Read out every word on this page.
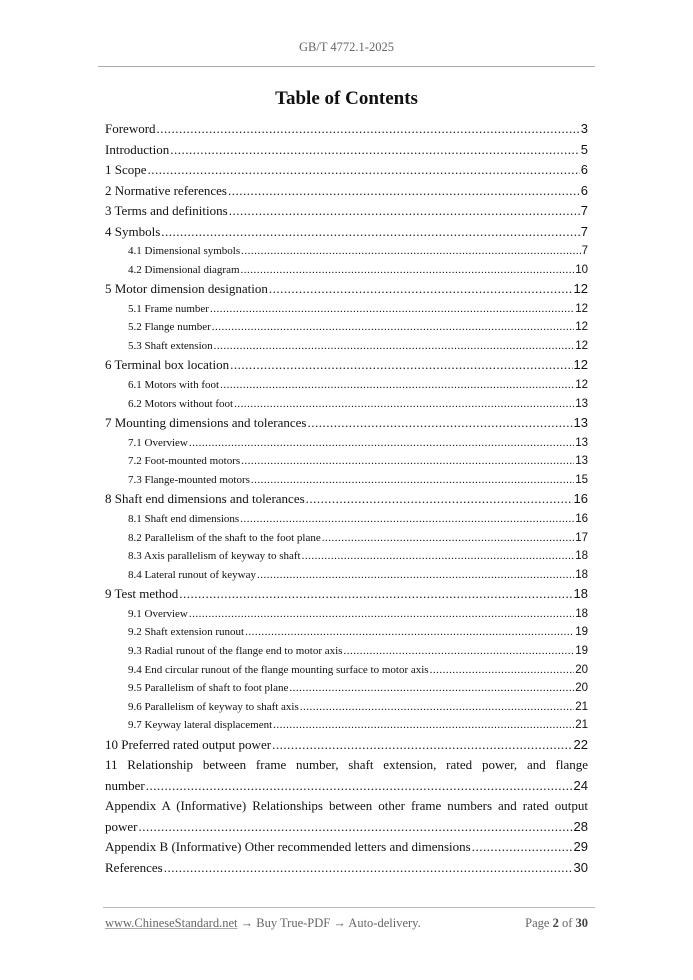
GB/T 4772.1-2025
Table of Contents
Foreword .....	3
Introduction .....	5
1 Scope .....	6
2 Normative references .....	6
3 Terms and definitions .....	7
4 Symbols .....	7
4.1 Dimensional symbols .....	7
4.2 Dimensional diagram .....	10
5 Motor dimension designation .....	12
5.1 Frame number .....	12
5.2 Flange number .....	12
5.3 Shaft extension .....	12
6 Terminal box location .....	12
6.1 Motors with foot .....	12
6.2 Motors without foot .....	13
7 Mounting dimensions and tolerances .....	13
7.1 Overview .....	13
7.2 Foot-mounted motors .....	13
7.3 Flange-mounted motors .....	15
8 Shaft end dimensions and tolerances .....	16
8.1 Shaft end dimensions .....	16
8.2 Parallelism of the shaft to the foot plane .....	17
8.3 Axis parallelism of keyway to shaft .....	18
8.4 Lateral runout of keyway .....	18
9 Test method .....	18
9.1 Overview .....	18
9.2 Shaft extension runout .....	19
9.3 Radial runout of the flange end to motor axis .....	19
9.4 End circular runout of the flange mounting surface to motor axis .....	20
9.5 Parallelism of shaft to foot plane .....	20
9.6 Parallelism of keyway to shaft axis .....	21
9.7 Keyway lateral displacement .....	21
10 Preferred rated output power .....	22
11 Relationship between frame number, shaft extension, rated power, and flange
number .....	24
Appendix A (Informative) Relationships between other frame numbers and rated output
power .....	28
Appendix B (Informative) Other recommended letters and dimensions .....	29
References .....	30
www.ChineseStandard.net → Buy True-PDF → Auto-delivery.	Page 2 of 30
